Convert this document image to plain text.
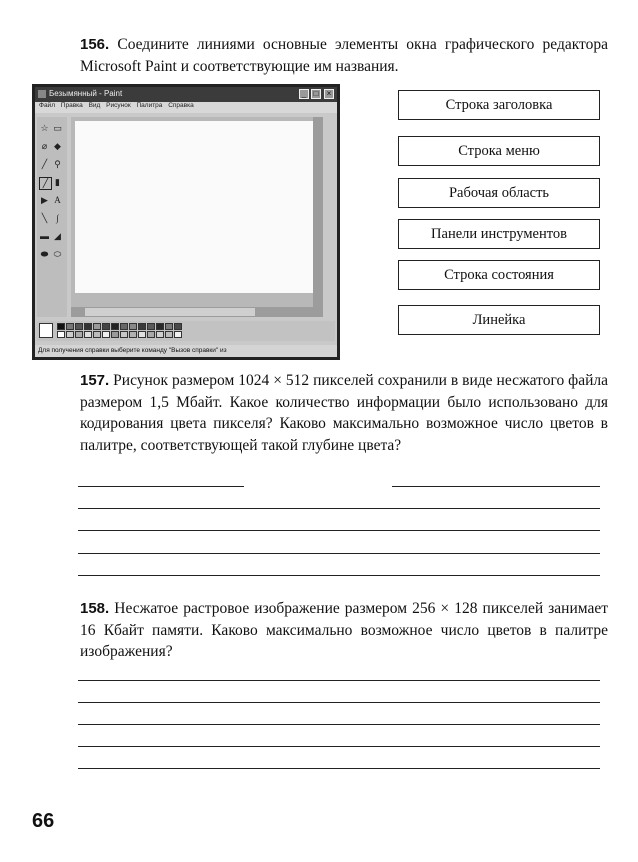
156. Соедините линиями основные элементы окна графического редактора Microsoft Paint и соответствующие им названия.

Безымянный - Paint	_ □	×
Файл Правка Вид Рисунок Палитра Справка
☆ ▭
⌀ ◆
╱ ⚲
╱ ▮
▶ A
╲	∫
▬ ◢
⬬ ⬭
Для получения справки выберите команду "Вызов справки" из
Строка заголовка
Строка меню
Рабочая область
Панели инструментов
Строка состояния
Линейка

157. Рисунок размером 1024 × 512 пикселей сохранили в виде несжатого файла размером 1,5 Мбайт. Какое количество информации было использовано для кодирования цвета пикселя? Каково максимально возможное число цветов в палитре, соответствующей такой глубине цвета?

158. Несжатое растровое изображение размером 256 × 128 пикселей занимает 16 Кбайт памяти. Каково максимально возможное число цветов в палитре изображения?

66
